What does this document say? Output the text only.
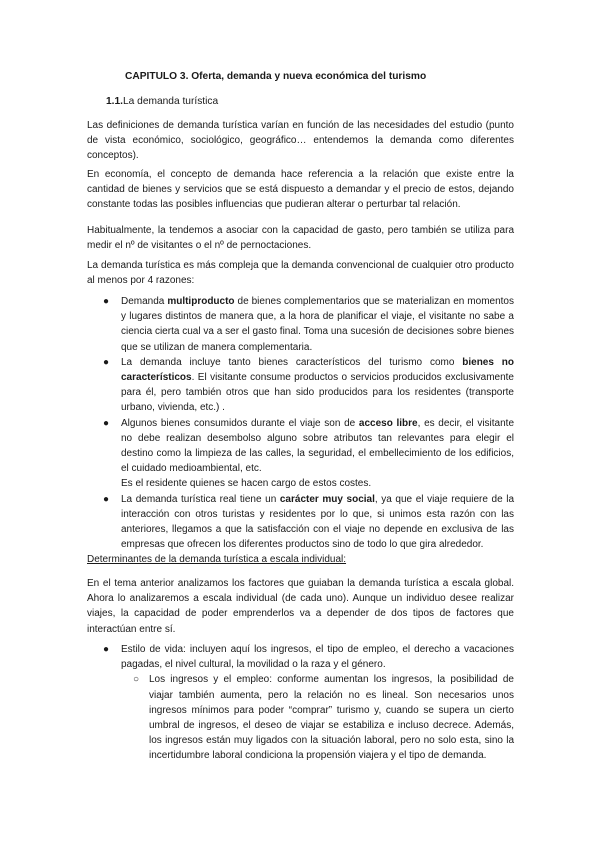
CAPITULO 3. Oferta, demanda y nueva económica del turismo
1.1.La demanda turística

Las definiciones de demanda turística varían en función de las necesidades del estudio (punto de vista económico, sociológico, geográfico… entendemos la demanda como diferentes conceptos).

En economía, el concepto de demanda hace referencia a la relación que existe entre la cantidad de bienes y servicios que se está dispuesto a demandar y el precio de estos, dejando constante todas las posibles influencias que pudieran alterar o perturbar tal relación.

Habitualmente, la tendemos a asociar con la capacidad de gasto, pero también se utiliza para medir el nº de visitantes o el nº de pernoctaciones.

La demanda turística es más compleja que la demanda convencional de cualquier otro producto al menos por 4 razones:

● Demanda multiproducto de bienes complementarios que se materializan en momentos y lugares distintos de manera que, a la hora de planificar el viaje, el visitante no sabe a ciencia cierta cual va a ser el gasto final. Toma una sucesión de decisiones sobre bienes que se utilizan de manera complementaria.
● La demanda incluye tanto bienes característicos del turismo como bienes no característicos. El visitante consume productos o servicios producidos exclusivamente para él, pero también otros que han sido producidos para los residentes (transporte urbano, vivienda, etc.) .
● Algunos bienes consumidos durante el viaje son de acceso libre, es decir, el visitante no debe realizan desembolso alguno sobre atributos tan relevantes para elegir el destino como la limpieza de las calles, la seguridad, el embellecimiento de los edificios, el cuidado medioambiental, etc.
Es el residente quienes se hacen cargo de estos costes.
● La demanda turística real tiene un carácter muy social, ya que el viaje requiere de la interacción con otros turistas y residentes por lo que, si unimos esta razón con las anteriores, llegamos a que la satisfacción con el viaje no depende en exclusiva de las empresas que ofrecen los diferentes productos sino de todo lo que gira alrededor.

Determinantes de la demanda turística a escala individual:

En el tema anterior analizamos los factores que guiaban la demanda turística a escala global. Ahora lo analizaremos a escala individual (de cada uno). Aunque un individuo desee realizar viajes, la capacidad de poder emprenderlos va a depender de dos tipos de factores que interactúan entre sí.

● Estilo de vida: incluyen aquí los ingresos, el tipo de empleo, el derecho a vacaciones pagadas, el nivel cultural, la movilidad o la raza y el género.
○ Los ingresos y el empleo: conforme aumentan los ingresos, la posibilidad de viajar también aumenta, pero la relación no es lineal. Son necesarios unos ingresos mínimos para poder “comprar” turismo y, cuando se supera un cierto umbral de ingresos, el deseo de viajar se estabiliza e incluso decrece. Además, los ingresos están muy ligados con la situación laboral, pero no solo esta, sino la incertidumbre laboral condiciona la propensión viajera y el tipo de demanda.
